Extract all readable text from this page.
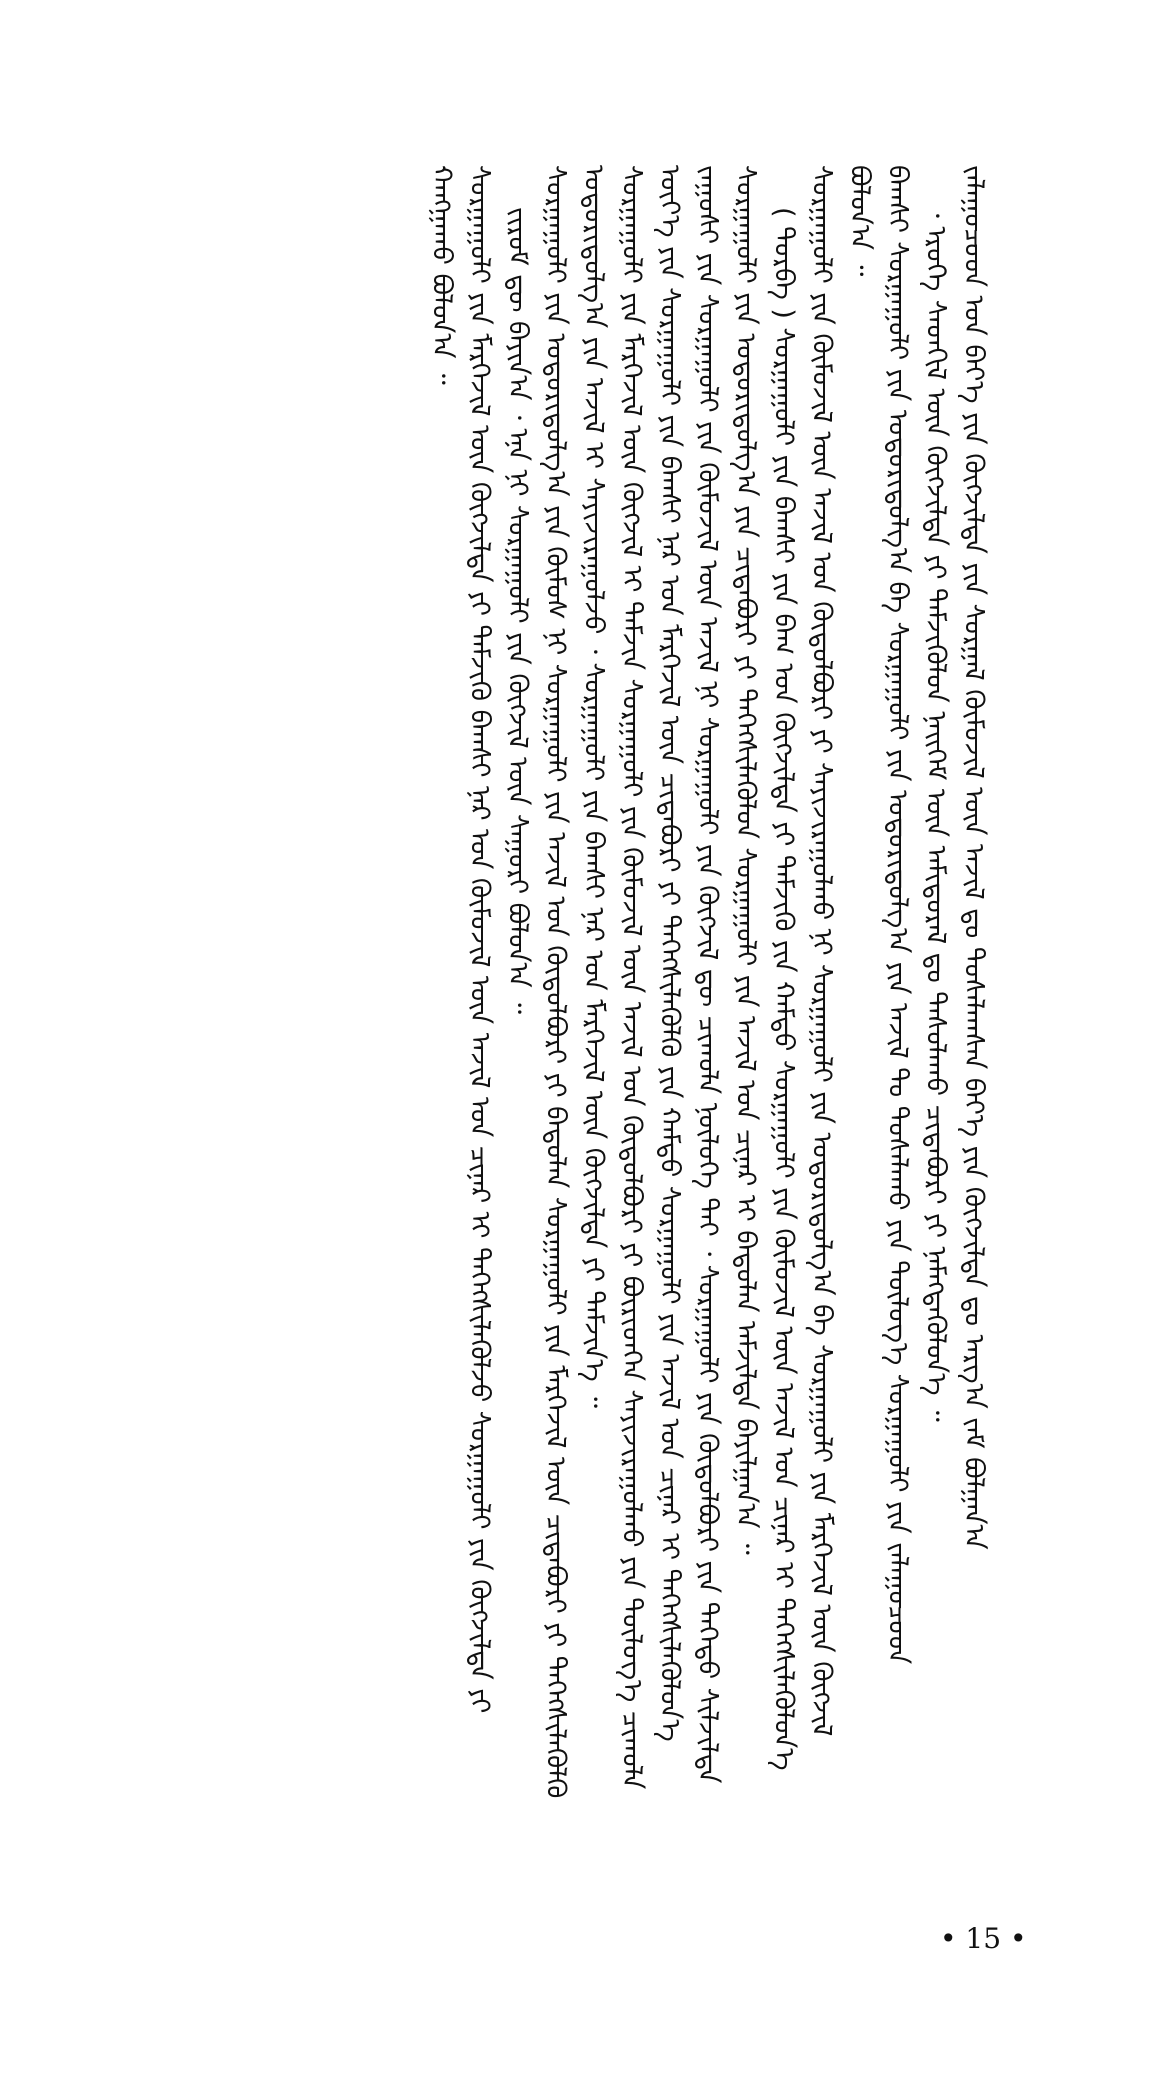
ᠵᠠᠯᠠᠭᠤᠴᠤᠳ ᠤᠨ ᠪᠡᠶ᠎ᠡ ᠶᠢᠨ ᠬᠥᠭᠵᠢᠯᠲᠡ ᠶᠢᠨ ᠰᠤᠷᠭᠠᠯ ᠬᠦᠮᠦᠵᠢᠯ ᠦᠨ ᠠᠵᠢᠯ ᠳᠤ ᠲᠤᠰᠠᠯᠠᠭᠰᠠᠨ ᠪᠡᠶ᠎ᠡ ᠶᠢᠨ ᠬᠥᠭᠵᠢᠯᠲᠡ ᠳᠤ ᠠᠷᠭ᠎ᠠ ᠵᠠᠮ ᠪᠤᠯᠭᠠᠨ᠎ᠠ
᠂ ᠡᠷᠦᠬᠡ ᠰᠡᠳᠬᠢᠯ ᠦᠨ ᠬᠥᠭᠵᠢᠯᠲᠡ ᠶᠢ ᠳᠡᠮᠵᠢᠭᠦᠯᠦᠨ ᠨᠡᠢᠭᠡᠮ ᠦᠨ ᠠᠮᠢᠳᠤᠷᠠᠯ ᠳᠤ ᠳᠠᠰᠤᠯᠠᠬᠤ ᠴᠢᠳᠠᠪᠤᠷᠢ ᠶᠢ ᠨᠡᠮᠡᠭᠳᠡᠭᠦᠯᠦᠨ᠎ᠡ ᠃
ᠪᠠᠭᠰᠢ ᠰᠤᠷᠭᠠᠭᠤᠯᠢ ᠶᠢᠨ ᠤᠳᠤᠷᠢᠳᠤᠯᠭ᠎ᠠ ᠪᠠ ᠰᠤᠷᠭᠠᠭᠤᠯᠢ ᠶᠢᠨ ᠤᠳᠤᠷᠢᠳᠤᠯᠭ᠎ᠠ ᠶᠢᠨ ᠠᠵᠢᠯ ᠲᠤ ᠲᠤᠰᠠᠯᠠᠬᠤ ᠶᠢᠨ ᠲᠥᠯᠥᠭ᠎ᠡ ᠰᠤᠷᠭᠠᠭᠤᠯᠢ ᠶᠢᠨ ᠵᠠᠯᠠᠭᠤᠴᠤᠳ
ᠪᠤᠯᠤᠨ᠎ᠠ ᠃
ᠰᠤᠷᠭᠠᠭᠤᠯᠢ ᠶᠢᠨ ᠬᠦᠮᠦᠵᠢᠯ ᠦᠨ ᠠᠵᠢᠯ ᠤᠨ ᠬᠥᠲᠥᠯᠪᠦᠷᠢ ᠶᠢ ᠰᠠᠶᠢᠵᠢᠷᠠᠭᠤᠯᠬᠤ ᠨᠢ ᠰᠤᠷᠭᠠᠭᠤᠯᠢ ᠶᠢᠨ ᠤᠳᠤᠷᠢᠳᠤᠯᠭ᠎ᠠ ᠪᠠ ᠰᠤᠷᠭᠠᠭᠤᠯᠢ ᠶᠢᠨ ᠮᠡᠷᠭᠡᠵᠢᠯ ᠦᠨ ᠬᠥᠭᠵᠢᠯ
( ᠳᠤᠷᠪᠡ ) ᠰᠤᠷᠭᠠᠭᠤᠯᠢ ᠶᠢᠨ ᠪᠠᠭᠰᠢ ᠶᠢᠨ ᠪᠠᠭ ᠤᠨ ᠬᠥᠭᠵᠢᠯᠲᠡ ᠶᠢ ᠳᠡᠮᠵᠢᠬᠦ ᠶᠢᠨ ᠬᠠᠮᠲᠤ ᠰᠤᠷᠭᠠᠭᠤᠯᠢ ᠶᠢᠨ ᠬᠦᠮᠦᠵᠢᠯ ᠦᠨ ᠠᠵᠢᠯ ᠤᠨ ᠴᠢᠨᠠᠷ ᠢ ᠳᠡᠭᠡᠭᠰᠢᠯᠡᠭᠦᠯᠦᠨ᠎ᠡ
ᠰᠤᠷᠭᠠᠭᠤᠯᠢ ᠶᠢᠨ ᠤᠳᠤᠷᠢᠳᠤᠯᠭ᠎ᠠ ᠶᠢᠨ ᠴᠢᠳᠠᠪᠤᠷᠢ ᠶᠢ ᠳᠡᠭᠡᠭᠰᠢᠯᠡᠭᠦᠯᠦᠨ ᠰᠤᠷᠭᠠᠭᠤᠯᠢ ᠶᠢᠨ ᠠᠵᠢᠯ ᠤᠨ ᠴᠢᠨᠠᠷ ᠢ ᠪᠠᠲᠤᠯᠠᠨ ᠠᠮᠵᠢᠯᠲᠠ ᠪᠠᠶᠢᠯᠭᠠᠨ᠎ᠠ ᠃
ᠵᠠᠭᠤᠰᠢ ᠶᠢᠨ ᠰᠤᠷᠭᠠᠭᠤᠯᠢ ᠶᠢᠨ ᠬᠦᠮᠦᠵᠢᠯ ᠦᠨ ᠠᠵᠢᠯ ᠨᠢ ᠰᠤᠷᠭᠠᠭᠤᠯᠢ ᠶᠢᠨ ᠬᠥᠭᠵᠢᠯ ᠳᠦ ᠴᠢᠬᠤᠯᠠ ᠨᠥᠯᠥᠭᠡ ᠲᠠᠢ ᠂ ᠰᠤᠷᠭᠠᠭᠤᠯᠢ ᠶᠢᠨ ᠬᠥᠲᠥᠯᠪᠦᠷᠢ ᠶᠢᠨ ᠳᠡᠭᠡᠳᠦ ᠰᠢᠯᠵᠢᠯᠲᠡ
ᠦᠶ᠎ᠡ ᠶᠢᠨ ᠰᠤᠷᠭᠠᠭᠤᠯᠢ ᠶᠢᠨ ᠪᠠᠭᠰᠢ ᠨᠠᠷ ᠤᠨ ᠮᠡᠷᠭᠡᠵᠢᠯ ᠦᠨ ᠴᠢᠳᠠᠪᠤᠷᠢ ᠶᠢ ᠳᠡᠭᠡᠭᠰᠢᠯᠡᠭᠦᠯᠬᠦ ᠶᠢᠨ ᠬᠠᠮᠲᠤ ᠰᠤᠷᠭᠠᠭᠤᠯᠢ ᠶᠢᠨ ᠠᠵᠢᠯ ᠤᠨ ᠴᠢᠨᠠᠷ ᠢ ᠳᠡᠭᠡᠭᠰᠢᠯᠡᠭᠦᠯᠦᠨ᠎ᠡ
ᠰᠤᠷᠭᠠᠭᠤᠯᠢ ᠶᠢᠨ ᠮᠡᠷᠭᠡᠵᠢᠯ ᠦᠨ ᠬᠥᠭᠵᠢᠯ ᠢ ᠳᠡᠮᠵᠢᠨ ᠰᠤᠷᠭᠠᠭᠤᠯᠢ ᠶᠢᠨ ᠬᠦᠮᠦᠵᠢᠯ ᠦᠨ ᠠᠵᠢᠯ ᠤᠨ ᠬᠥᠲᠥᠯᠪᠦᠷᠢ ᠶᠢ ᠪᠦᠷᠢᠳᠬᠡᠨ ᠰᠠᠶᠢᠵᠢᠷᠠᠭᠤᠯᠬᠤ ᠶᠢᠨ ᠲᠥᠯᠥᠭ᠎ᠡ ᠴᠢᠬᠤᠯᠠ
ᠤᠳᠤᠷᠢᠳᠤᠯᠭ᠎ᠠ ᠶᠢᠨ ᠠᠵᠢᠯ ᠢ ᠰᠠᠶᠢᠵᠢᠷᠠᠭᠤᠯᠵᠤ ᠂ ᠰᠤᠷᠭᠠᠭᠤᠯᠢ ᠶᠢᠨ ᠪᠠᠭᠰᠢ ᠨᠠᠷ ᠤᠨ ᠮᠡᠷᠭᠡᠵᠢᠯ ᠦᠨ ᠬᠥᠭᠵᠢᠯᠲᠡ ᠶᠢ ᠳᠡᠮᠵᠢᠨ᠎ᠡ ᠃
ᠰᠤᠷᠭᠠᠭᠤᠯᠢ ᠶᠢᠨ ᠤᠳᠤᠷᠢᠳᠤᠯᠭ᠎ᠠ ᠶᠢᠨ ᠬᠦᠮᠦᠰ ᠨᠢ ᠰᠤᠷᠭᠠᠭᠤᠯᠢ ᠶᠢᠨ ᠠᠵᠢᠯ ᠤᠨ ᠬᠥᠲᠥᠯᠪᠦᠷᠢ ᠶᠢ ᠪᠠᠲᠤᠯᠠᠨ ᠰᠤᠷᠭᠠᠭᠤᠯᠢ ᠶᠢᠨ ᠮᠡᠷᠭᠡᠵᠢᠯ ᠦᠨ ᠴᠢᠳᠠᠪᠤᠷᠢ ᠶᠢ ᠳᠡᠭᠡᠭᠰᠢᠯᠡᠭᠦᠯᠬᠦ
ᠵᠢᠷᠤᠮ ᠳᠦ ᠪᠠᠶᠢᠨ᠎ᠠ ᠂ ᠡᠨᠡ ᠨᠢ ᠰᠤᠷᠭᠠᠭᠤᠯᠢ ᠶᠢᠨ ᠬᠥᠭᠵᠢᠯ ᠦᠨ ᠰᠠᠭᠤᠷᠢ ᠪᠣᠯᠤᠨ᠎ᠠ ᠃
ᠰᠤᠷᠭᠠᠭᠤᠯᠢ ᠶᠢᠨ ᠮᠡᠷᠭᠡᠵᠢᠯ ᠦᠨ ᠬᠥᠭᠵᠢᠯᠲᠡ ᠶᠢ ᠳᠡᠮᠵᠢᠬᠦ ᠪᠠᠭᠰᠢ ᠨᠠᠷ ᠤᠨ ᠬᠦᠮᠦᠵᠢᠯ ᠦᠨ ᠠᠵᠢᠯ ᠤᠨ ᠴᠢᠨᠠᠷ ᠢ ᠳᠡᠭᠡᠭᠰᠢᠯᠡᠭᠦᠯᠵᠦ ᠰᠤᠷᠭᠠᠭᠤᠯᠢ ᠶᠢᠨ ᠬᠥᠭᠵᠢᠯᠲᠡ ᠶᠢ
ᠬᠠᠩᠭᠠᠬᠤ ᠪᠣᠯᠤᠨ᠎ᠠ ᠃
• 15 •
